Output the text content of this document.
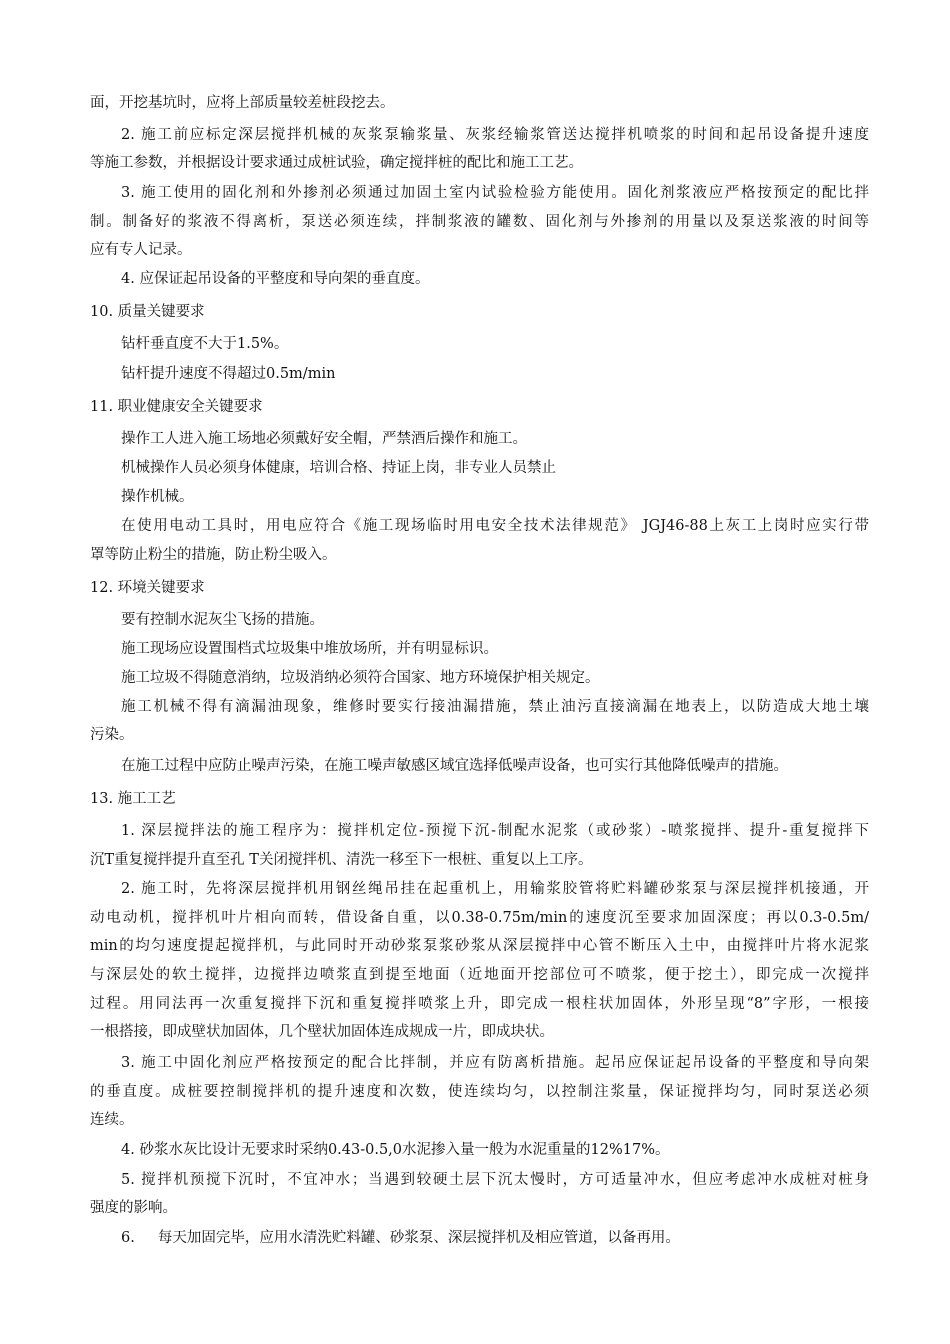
面，开挖基坑时，应将上部质量较差桩段挖去。
2. 施工前应标定深层搅拌机械的灰浆泵输浆量、灰浆经输浆管送达搅拌机喷浆的时间和起吊设备提升速度
等施工参数，并根据设计要求通过成桩试验，确定搅拌桩的配比和施工工艺。
3. 施工使用的固化剂和外掺剂必须通过加固土室内试验检验方能使用。固化剂浆液应严格按预定的配比拌
制。制备好的浆液不得离析，泵送必须连续，拌制浆液的罐数、固化剂与外掺剂的用量以及泵送浆液的时间等
应有专人记录。
4. 应保证起吊设备的平整度和导向架的垂直度。
10. 质量关键要求
钻杆垂直度不大于1.5%。
钻杆提升速度不得超过0.5m/min
11. 职业健康安全关键要求
操作工人进入施工场地必须戴好安全帽，严禁酒后操作和施工。
机械操作人员必须身体健康，培训合格、持证上岗，非专业人员禁止
操作机械。
在使用电动工具时，用电应符合《施工现场临时用电安全技术法律规范》 JGJ46-88上灰工上岗时应实行带
罩等防止粉尘的措施，防止粉尘吸入。
12. 环境关键要求
要有控制水泥灰尘飞扬的措施。
施工现场应设置围档式垃圾集中堆放场所，并有明显标识。
施工垃圾不得随意消纳，垃圾消纳必须符合国家、地方环境保护相关规定。
施工机械不得有滴漏油现象，维修时要实行接油漏措施，禁止油污直接滴漏在地表上，以防造成大地土壤
污染。
在施工过程中应防止噪声污染，在施工噪声敏感区域宜选择低噪声设备，也可实行其他降低噪声的措施。
13. 施工工艺
1. 深层搅拌法的施工程序为：搅拌机定位-预搅下沉-制配水泥浆（或砂浆）-喷浆搅拌、提升-重复搅拌下
沉T重复搅拌提升直至孔 T关闭搅拌机、清洗一移至下一根桩、重复以上工序。
2. 施工时，先将深层搅拌机用钢丝绳吊挂在起重机上，用输浆胶管将贮料罐砂浆泵与深层搅拌机接通，开
动电动机，搅拌机叶片相向而转，借设备自重，以0.38-0.75m/min的速度沉至要求加固深度；再以0.3-0.5m/
min的均匀速度提起搅拌机，与此同时开动砂浆泵浆砂浆从深层搅拌中心管不断压入土中，由搅拌叶片将水泥浆
与深层处的软土搅拌，边搅拌边喷浆直到提至地面（近地面开挖部位可不喷浆，便于挖土），即完成一次搅拌
过程。用同法再一次重复搅拌下沉和重复搅拌喷浆上升，即完成一根柱状加固体，外形呈现“8”字形，一根接
一根搭接，即成壁状加固体，几个壁状加固体连成规成一片，即成块状。
3. 施工中固化剂应严格按预定的配合比拌制，并应有防离析措施。起吊应保证起吊设备的平整度和导向架
的垂直度。成桩要控制搅拌机的提升速度和次数，使连续均匀，以控制注浆量，保证搅拌均匀，同时泵送必须
连续。
4. 砂浆水灰比设计无要求时采纳0.43-0.5,0水泥掺入量一般为水泥重量的12%17%。
5. 搅拌机预搅下沉时，不宜冲水；当遇到较硬土层下沉太慢时，方可适量冲水，但应考虑冲水成桩对桩身
强度的影响。
6.     每天加固完毕，应用水清洗贮料罐、砂浆泵、深层搅拌机及相应管道，以备再用。
